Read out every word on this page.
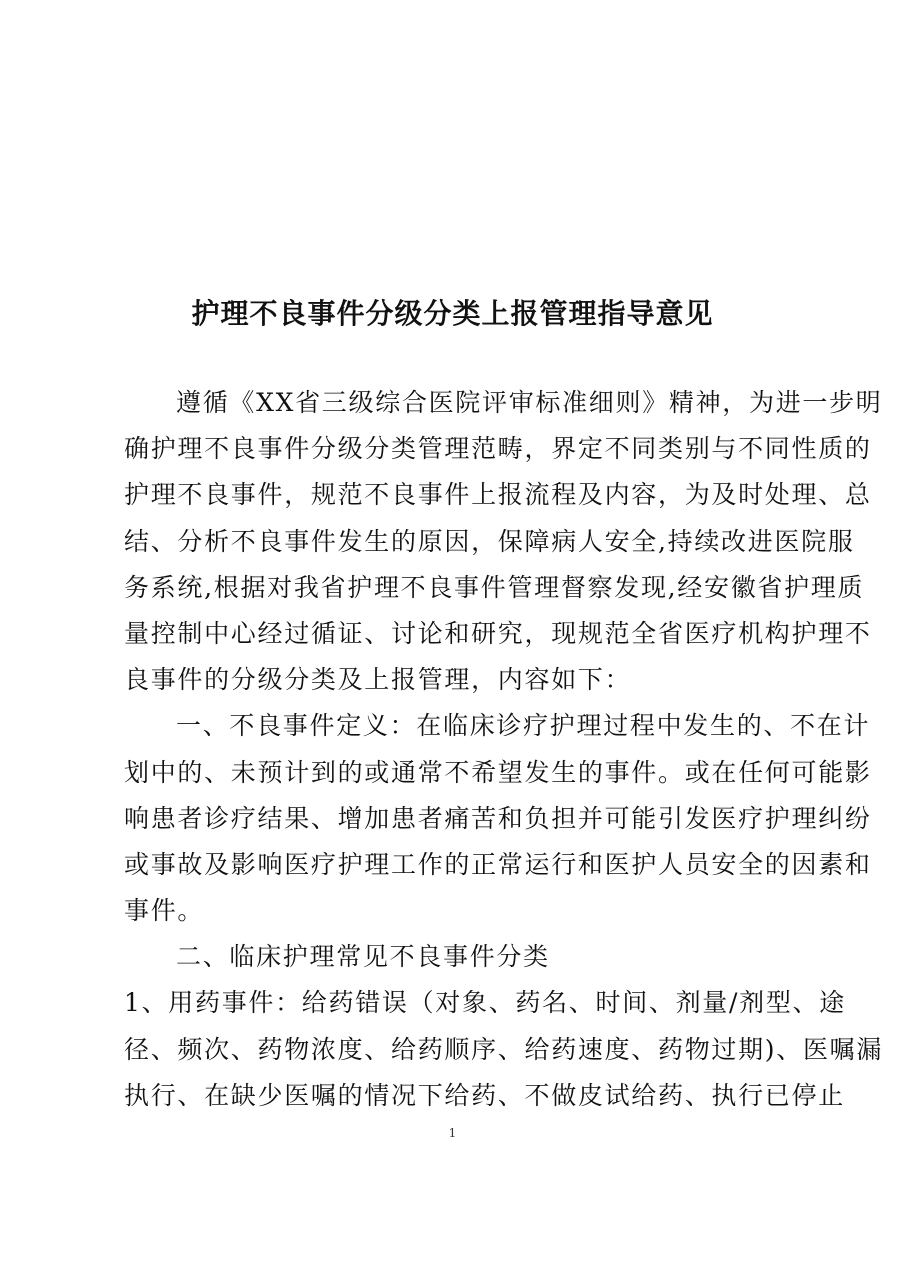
护理不良事件分级分类上报管理指导意见
遵循《XX省三级综合医院评审标准细则》精神，为进一步明
确护理不良事件分级分类管理范畴，界定不同类别与不同性质的
护理不良事件，规范不良事件上报流程及内容，为及时处理、总
结、分析不良事件发生的原因，保障病人安全,持续改进医院服
务系统,根据对我省护理不良事件管理督察发现,经安徽省护理质
量控制中心经过循证、讨论和研究，现规范全省医疗机构护理不
良事件的分级分类及上报管理，内容如下：
一、不良事件定义：在临床诊疗护理过程中发生的、不在计
划中的、未预计到的或通常不希望发生的事件。或在任何可能影
响患者诊疗结果、增加患者痛苦和负担并可能引发医疗护理纠纷
或事故及影响医疗护理工作的正常运行和医护人员安全的因素和
事件。
二、临床护理常见不良事件分类
1、用药事件：给药错误（对象、药名、时间、剂量/剂型、途
径、频次、药物浓度、给药顺序、给药速度、药物过期)、医嘱漏
执行、在缺少医嘱的情况下给药、不做皮试给药、执行已停止
1
